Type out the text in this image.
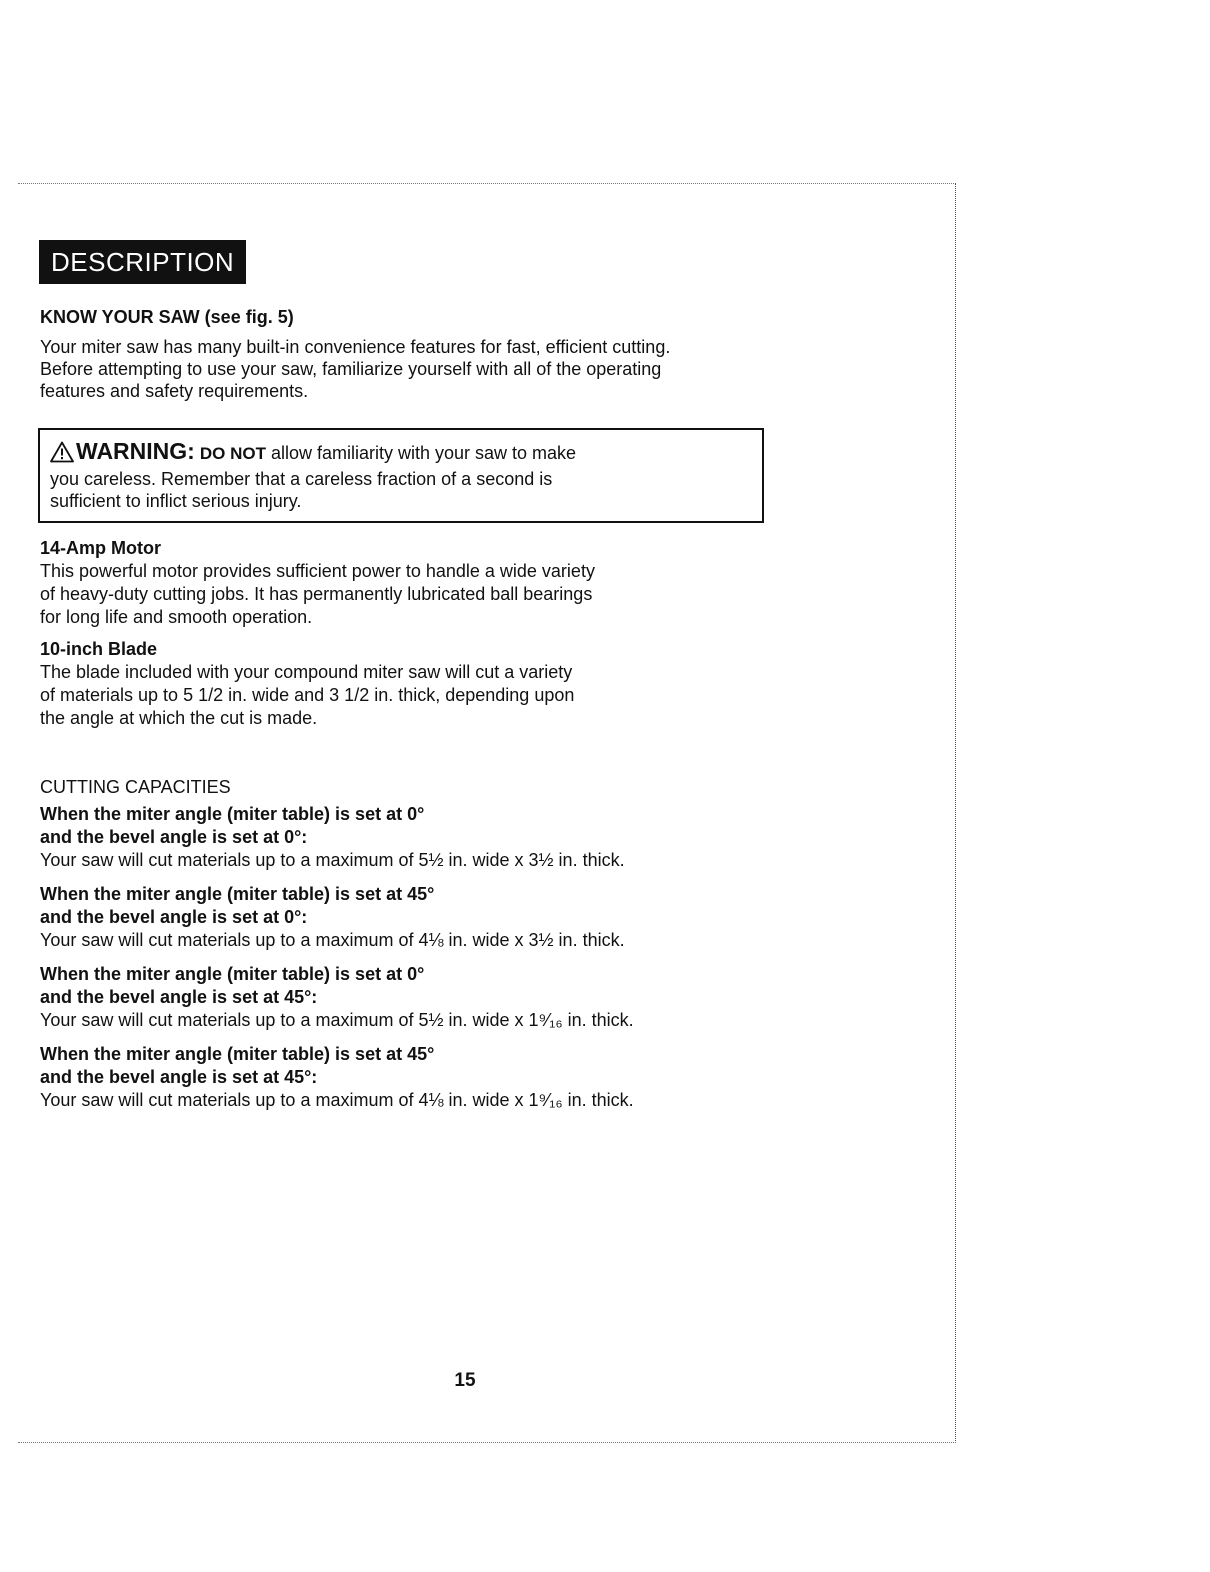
DESCRIPTION

KNOW YOUR SAW (see fig. 5)

Your miter saw has many built-in convenience features for fast, efficient cutting.
Before attempting to use your saw, familiarize yourself with all of the operating
features and safety requirements.
WARNING: DO NOT allow familiarity with your saw to make
you careless. Remember that a careless fraction of a second is
sufficient to inflict serious injury.
14-Amp Motor
This powerful motor provides sufficient power to handle a wide variety
of heavy-duty cutting jobs. It has permanently lubricated ball bearings
for long life and smooth operation.
10-inch Blade
The blade included with your compound miter saw will cut a variety
of materials up to 5 1/2 in. wide and 3 1/2 in. thick, depending upon
the angle at which the cut is made.
CUTTING CAPACITIES
When the miter angle (miter table) is set at 0°
and the bevel angle is set at 0°:
Your saw will cut materials up to a maximum of 5½ in. wide x 3½ in. thick.
When the miter angle (miter table) is set at 45°
and the bevel angle is set at 0°:
Your saw will cut materials up to a maximum of 4⅛ in. wide x 3½ in. thick.
When the miter angle (miter table) is set at 0°
and the bevel angle is set at 45°:
Your saw will cut materials up to a maximum of 5½ in. wide x 1⁹⁄₁₆ in. thick.
When the miter angle (miter table) is set at 45°
and the bevel angle is set at 45°:
Your saw will cut materials up to a maximum of 4⅛ in. wide x 1⁹⁄₁₆ in. thick.
15
